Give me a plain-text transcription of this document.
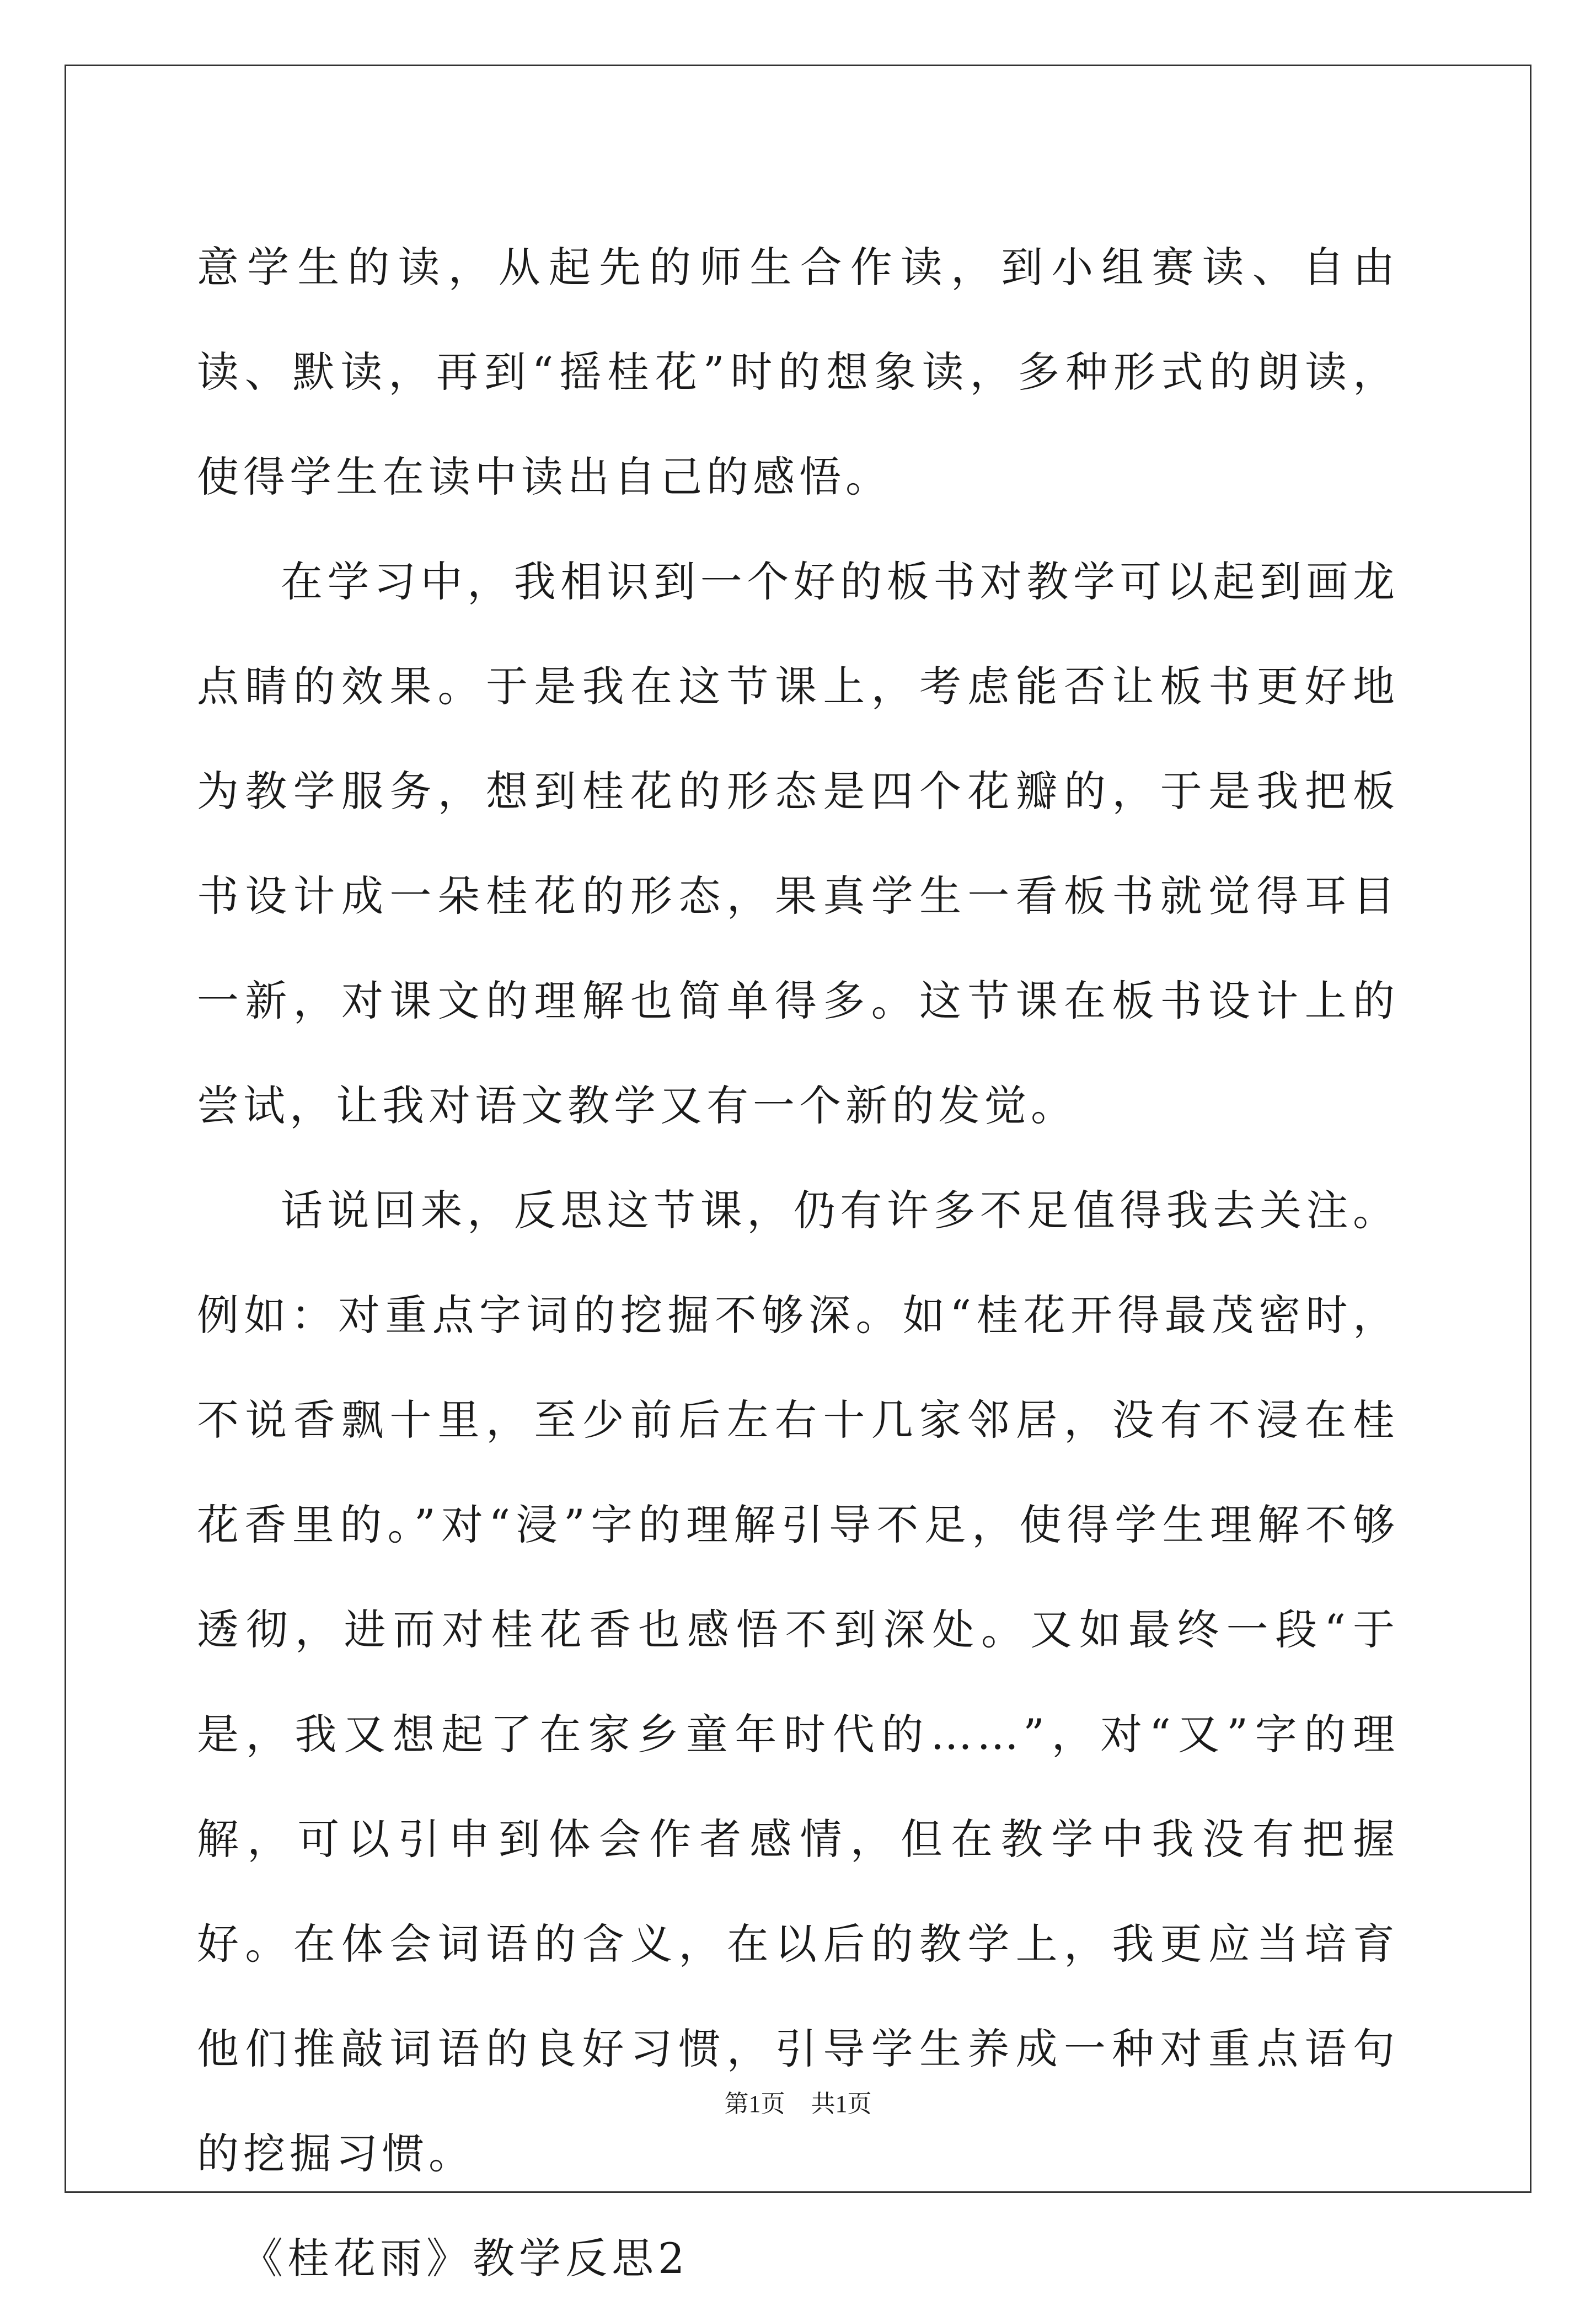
意学生的读，从起先的师生合作读，到小组赛读、自由读、默读，再到“摇桂花”时的想象读，多种形式的朗读，使得学生在读中读出自己的感悟。

在学习中，我相识到一个好的板书对教学可以起到画龙点睛的效果。于是我在这节课上，考虑能否让板书更好地为教学服务，想到桂花的形态是四个花瓣的，于是我把板书设计成一朵桂花的形态，果真学生一看板书就觉得耳目一新，对课文的理解也简单得多。这节课在板书设计上的尝试，让我对语文教学又有一个新的发觉。

话说回来，反思这节课，仍有许多不足值得我去关注。例如：对重点字词的挖掘不够深。如“桂花开得最茂密时，不说香飘十里，至少前后左右十几家邻居，没有不浸在桂花香里的。”对“浸”字的理解引导不足，使得学生理解不够透彻，进而对桂花香也感悟不到深处。又如最终一段“于是，我又想起了在家乡童年时代的……”，对“又”字的理解，可以引申到体会作者感情，但在教学中我没有把握好。在体会词语的含义，在以后的教学上，我更应当培育他们推敲词语的良好习惯，引导学生养成一种对重点语句的挖掘习惯。

《桂花雨》教学反思2

第1页 共1页
